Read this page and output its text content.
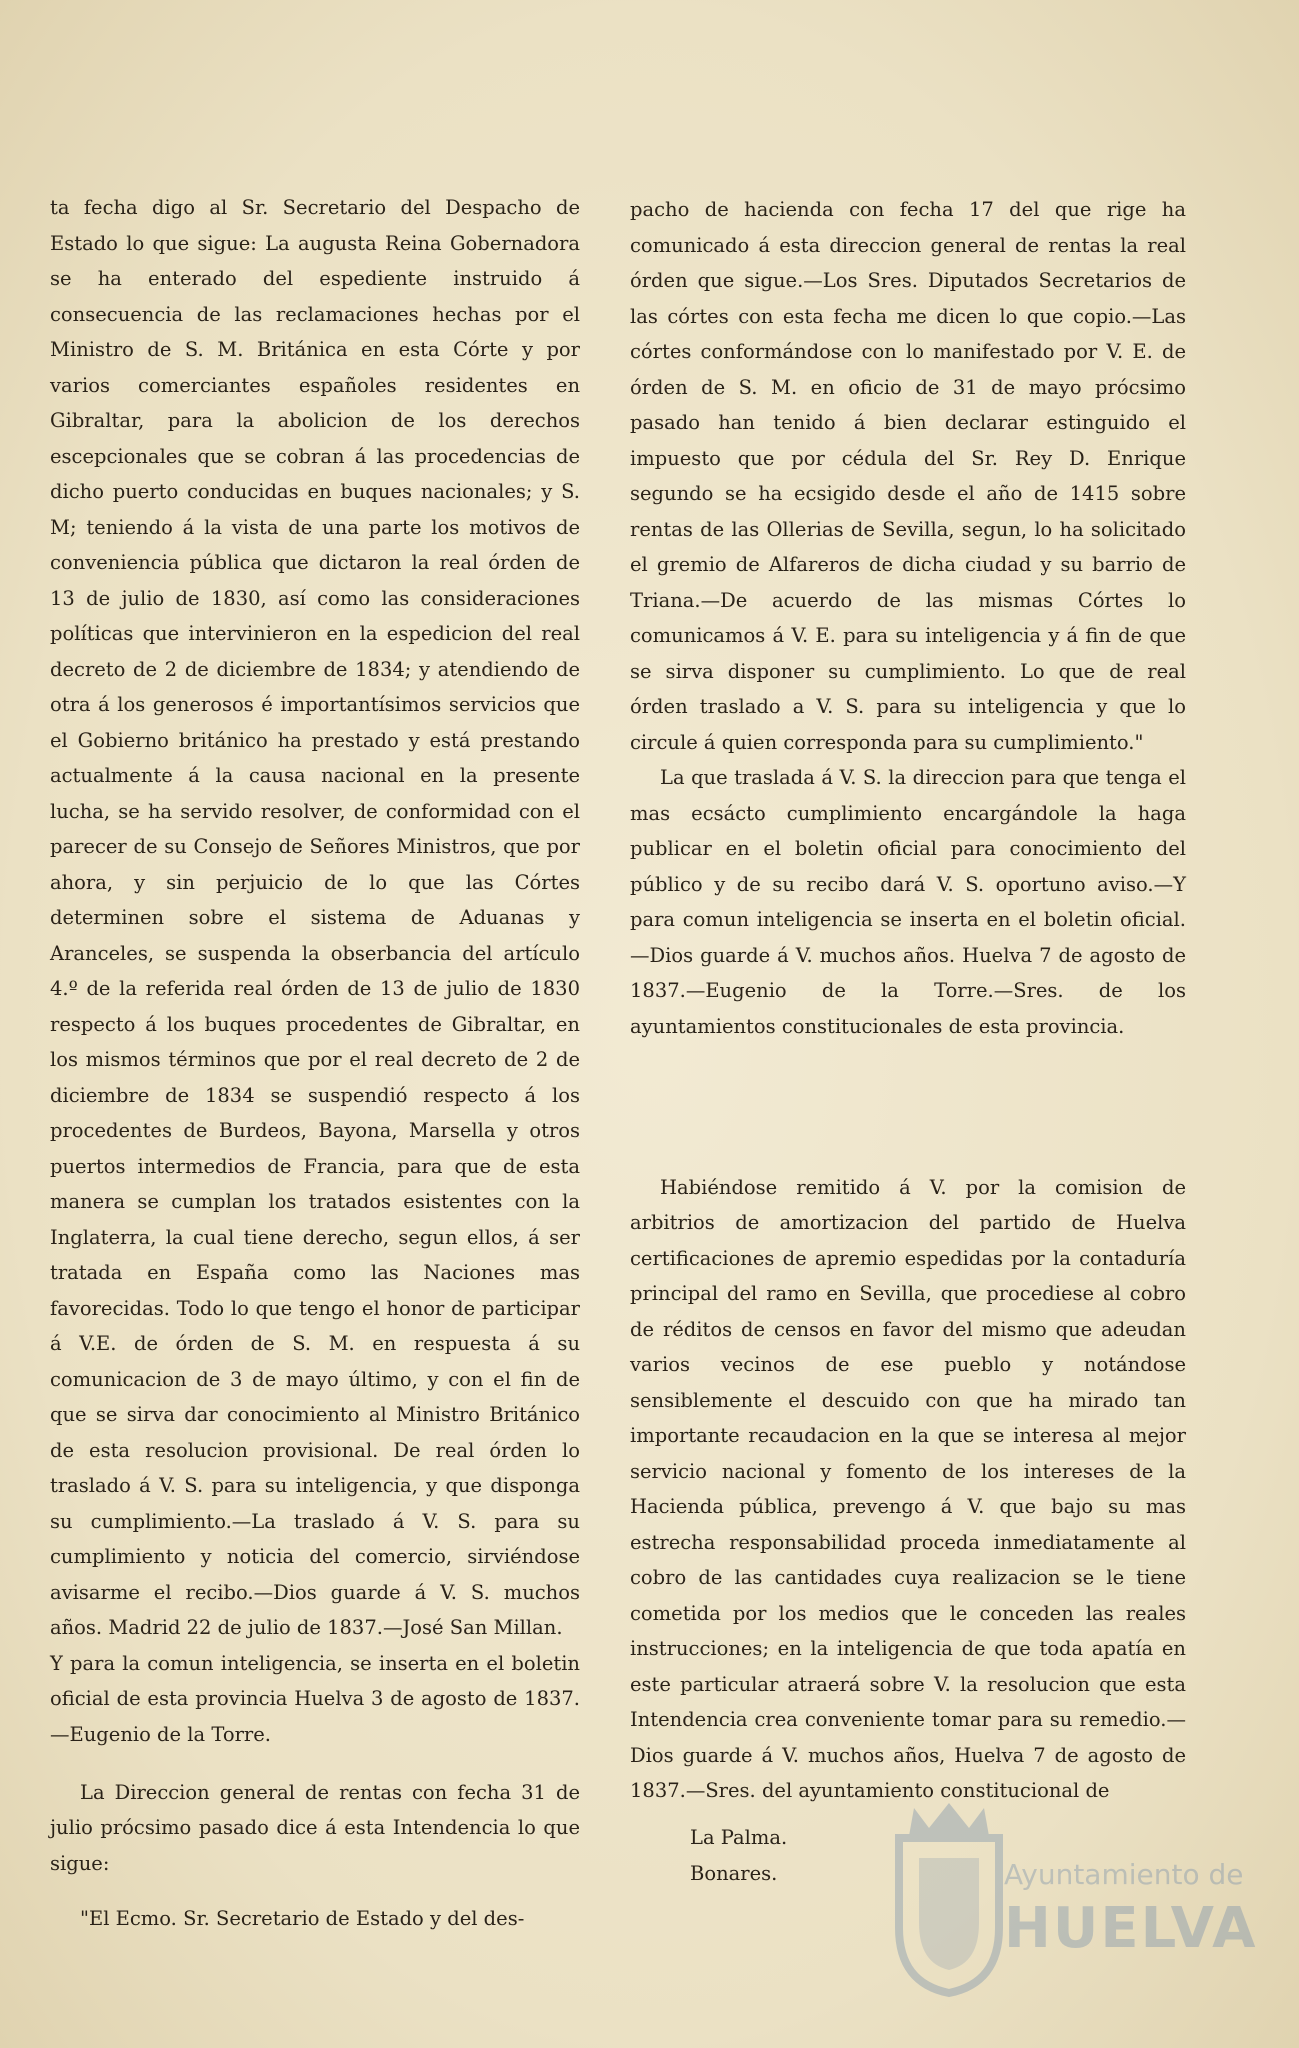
ta fecha digo al Sr. Secretario del Despacho de Estado lo que sigue: La augusta Reina Gobernadora se ha enterado del espediente instruido á consecuencia de las reclamaciones hechas por el Ministro de S. M. Británica en esta Córte y por varios comerciantes españoles residentes en Gibraltar, para la abolicion de los derechos escepcionales que se cobran á las procedencias de dicho puerto conducidas en buques nacionales; y S. M; teniendo á la vista de una parte los motivos de conveniencia pública que dictaron la real órden de 13 de julio de 1830, así como las consideraciones políticas que intervinieron en la espedicion del real decreto de 2 de diciembre de 1834; y atendiendo de otra á los generosos é importantísimos servicios que el Gobierno británico ha prestado y está prestando actualmente á la causa nacional en la presente lucha, se ha servido resolver, de conformidad con el parecer de su Consejo de Señores Ministros, que por ahora, y sin perjuicio de lo que las Córtes determinen sobre el sistema de Aduanas y Aranceles, se suspenda la obserbancia del artículo 4.º de la referida real órden de 13 de julio de 1830 respecto á los buques procedentes de Gibraltar, en los mismos términos que por el real decreto de 2 de diciembre de 1834 se suspendió respecto á los procedentes de Burdeos, Bayona, Marsella y otros puertos intermedios de Francia, para que de esta manera se cumplan los tratados esistentes con la Inglaterra, la cual tiene derecho, segun ellos, á ser tratada en España como las Naciones mas favorecidas. Todo lo que tengo el honor de participar á V.E. de órden de S. M. en respuesta á su comunicacion de 3 de mayo último, y con el fin de que se sirva dar conocimiento al Ministro Británico de esta resolucion provisional. De real órden lo traslado á V. S. para su inteligencia, y que disponga su cumplimiento.—La traslado á V. S. para su cumplimiento y noticia del comercio, sirviéndose avisarme el recibo.—Dios guarde á V. S. muchos años. Madrid 22 de julio de 1837.—José San Millan.

Y para la comun inteligencia, se inserta en el boletin oficial de esta provincia Huelva 3 de agosto de 1837.—Eugenio de la Torre.

La Direccion general de rentas con fecha 31 de julio prócsimo pasado dice á esta Intendencia lo que sigue:

"El Ecmo. Sr. Secretario de Estado y del des-

pacho de hacienda con fecha 17 del que rige ha comunicado á esta direccion general de rentas la real órden que sigue.—Los Sres. Diputados Secretarios de las córtes con esta fecha me dicen lo que copio.—Las córtes conformándose con lo manifestado por V. E. de órden de S. M. en oficio de 31 de mayo prócsimo pasado han tenido á bien declarar estinguido el impuesto que por cédula del Sr. Rey D. Enrique segundo se ha ecsigido desde el año de 1415 sobre rentas de las Ollerias de Sevilla, segun, lo ha solicitado el gremio de Alfareros de dicha ciudad y su barrio de Triana.—De acuerdo de las mismas Córtes lo comunicamos á V. E. para su inteligencia y á fin de que se sirva disponer su cumplimiento. Lo que de real órden traslado a V. S. para su inteligencia y que lo circule á quien corresponda para su cumplimiento."

La que traslada á V. S. la direccion para que tenga el mas ecsácto cumplimiento encargándole la haga publicar en el boletin oficial para conocimiento del público y de su recibo dará V. S. oportuno aviso.—Y para comun inteligencia se inserta en el boletin oficial.—Dios guarde á V. muchos años. Huelva 7 de agosto de 1837.—Eugenio de la Torre.—Sres. de los ayuntamientos constitucionales de esta provincia.

Habiéndose remitido á V. por la comision de arbitrios de amortizacion del partido de Huelva certificaciones de apremio espedidas por la contaduría principal del ramo en Sevilla, que procediese al cobro de réditos de censos en favor del mismo que adeudan varios vecinos de ese pueblo y notándose sensiblemente el descuido con que ha mirado tan importante recaudacion en la que se interesa al mejor servicio nacional y fomento de los intereses de la Hacienda pública, prevengo á V. que bajo su mas estrecha responsabilidad proceda inmediatamente al cobro de las cantidades cuya realizacion se le tiene cometida por los medios que le conceden las reales instrucciones; en la inteligencia de que toda apatía en este particular atraerá sobre V. la resolucion que esta Intendencia crea conveniente tomar para su remedio.—Dios guarde á V. muchos años, Huelva 7 de agosto de 1837.—Sres. del ayuntamiento constitucional de

La Palma.

Bonares.	Ayuntamiento de
HUELVA
